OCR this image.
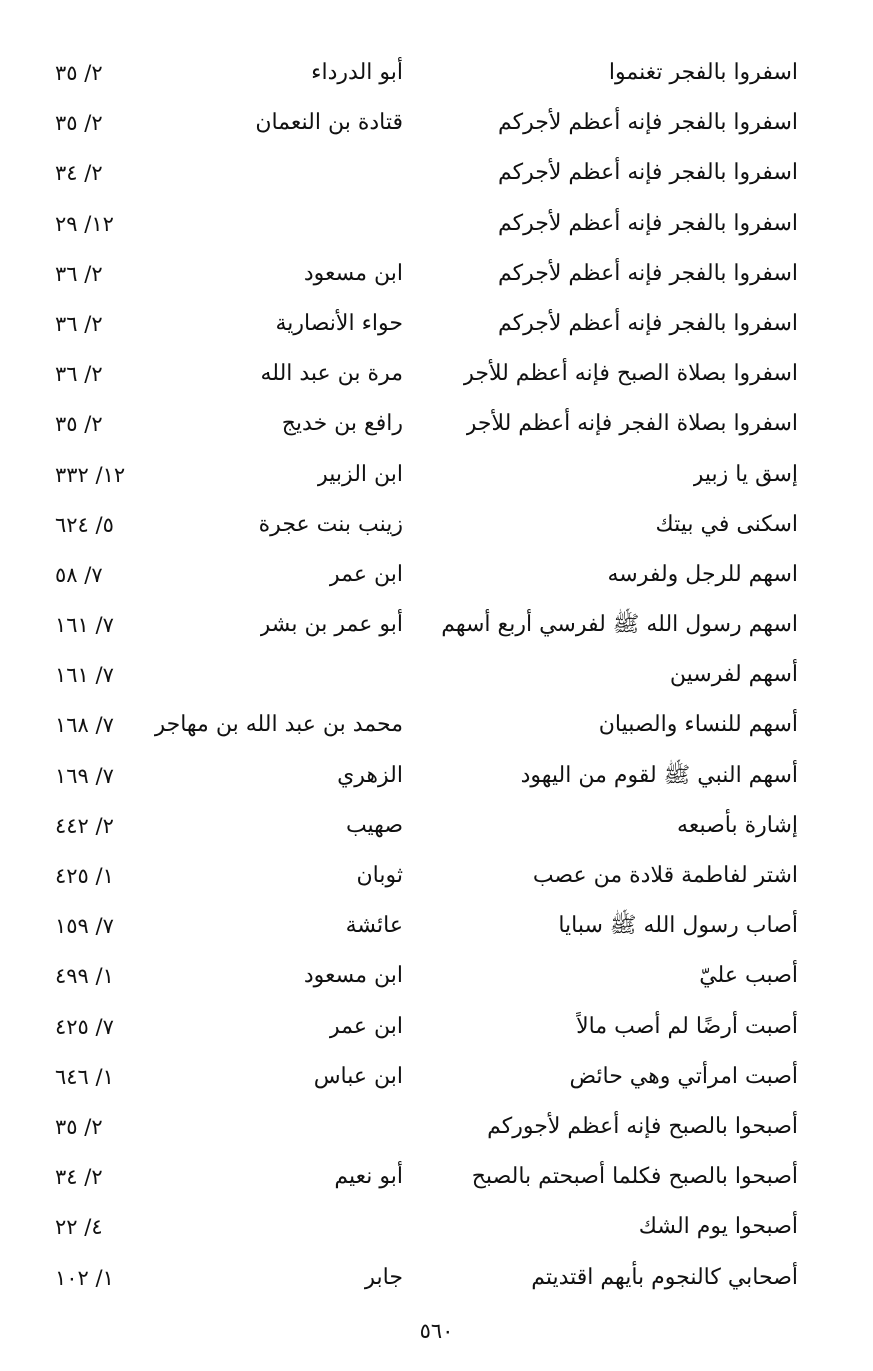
اسفروا بالفجر تغنموا
أبو الدرداء
٢/ ٣٥
اسفروا بالفجر فإنه أعظم لأجركم
قتادة بن النعمان
٢/ ٣٥
اسفروا بالفجر فإنه أعظم لأجركم
٢/ ٣٤
اسفروا بالفجر فإنه أعظم لأجركم
١٢/ ٢٩
اسفروا بالفجر فإنه أعظم لأجركم
ابن مسعود
٢/ ٣٦
اسفروا بالفجر فإنه أعظم لأجركم
حواء الأنصارية
٢/ ٣٦
اسفروا بصلاة الصبح فإنه أعظم للأجر
مرة بن عبد الله
٢/ ٣٦
اسفروا بصلاة الفجر فإنه أعظم للأجر
رافع بن خديج
٢/ ٣٥
إسق يا زبير
ابن الزبير
١٢/ ٣٣٢
اسكنى في بيتك
زينب بنت عجرة
٥/ ٦٢٤
اسهم للرجل ولفرسه
ابن عمر
٧/ ٥٨
اسهم رسول الله ﷺ لفرسي أربع أسهم
أبو عمر بن بشر
٧/ ١٦١
أسهم لفرسين
٧/ ١٦١
أسهم للنساء والصبيان
محمد بن عبد الله بن مهاجر
٧/ ١٦٨
أسهم النبي ﷺ لقوم من اليهود
الزهري
٧/ ١٦٩
إشارة بأصبعه
صهيب
٢/ ٤٤٢
اشتر لفاطمة قلادة من عصب
ثوبان
١/ ٤٢٥
أصاب رسول الله ﷺ سبايا
عائشة
٧/ ١٥٩
أصبب عليّ
ابن مسعود
١/ ٤٩٩
أصبت أرضًا لم أصب مالاً
ابن عمر
٧/ ٤٢٥
أصبت امرأتي وهي حائض
ابن عباس
١/ ٦٤٦
أصبحوا بالصبح فإنه أعظم لأجوركم
٢/ ٣٥
أصبحوا بالصبح فكلما أصبحتم بالصبح
أبو نعيم
٢/ ٣٤
أصبحوا يوم الشك
٤/ ٢٢
أصحابي كالنجوم بأيهم اقتديتم
جابر
١/ ١٠٢
٥٦٠
